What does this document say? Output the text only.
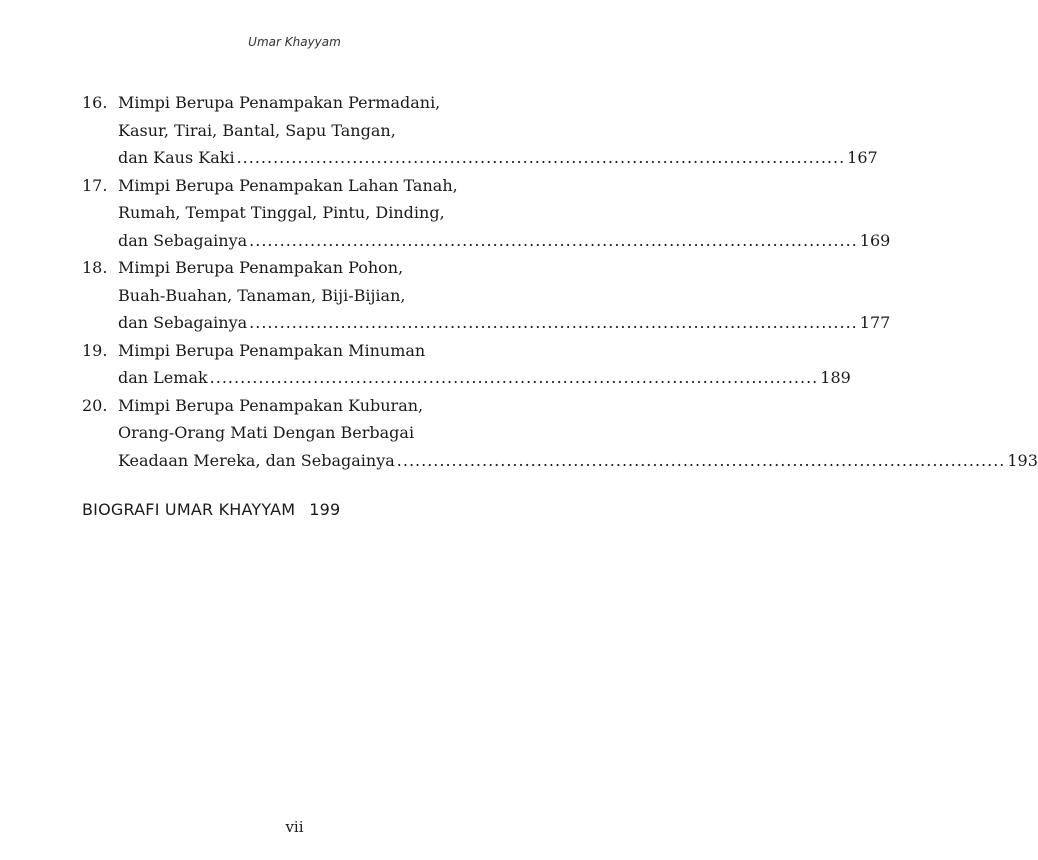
Umar Khayyam
16. Mimpi Berupa Penampakan Permadani,
Kasur, Tirai, Bantal, Sapu Tangan,
dan Kaus Kaki .................................................................................................... 167
17. Mimpi Berupa Penampakan Lahan Tanah,
Rumah, Tempat Tinggal, Pintu, Dinding,
dan Sebagainya .................................................................................................... 169
18. Mimpi Berupa Penampakan Pohon,
Buah-Buahan, Tanaman, Biji-Bijian,
dan Sebagainya .................................................................................................... 177
19. Mimpi Berupa Penampakan Minuman
dan Lemak .................................................................................................... 189
20. Mimpi Berupa Penampakan Kuburan,
Orang-Orang Mati Dengan Berbagai
Keadaan Mereka, dan Sebagainya .................................................................................................... 193
BIOGRAFI UMAR KHAYYAM 199
vii
